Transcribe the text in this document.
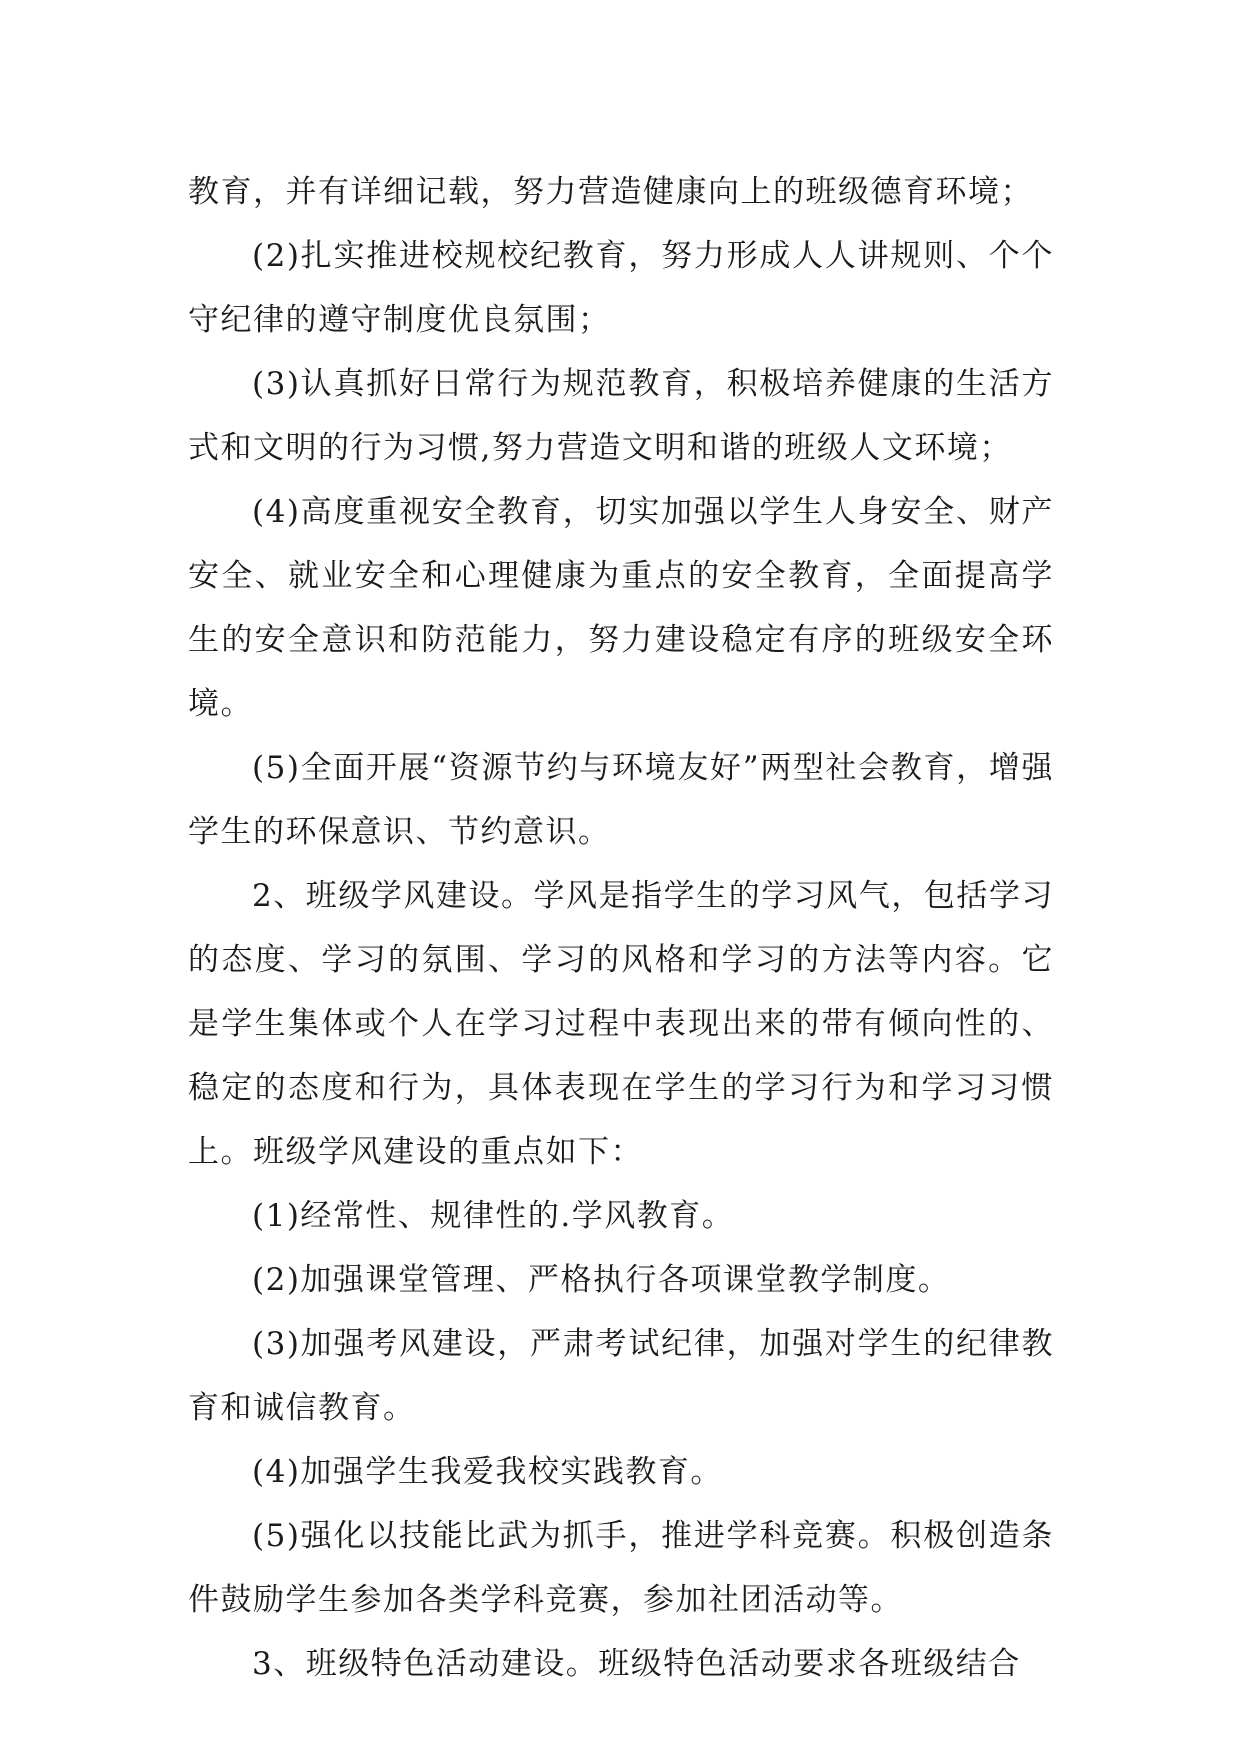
教育，并有详细记载，努力营造健康向上的班级德育环境；

(2)扎实推进校规校纪教育，努力形成人人讲规则、个个守纪律的遵守制度优良氛围；

(3)认真抓好日常行为规范教育，积极培养健康的生活方式和文明的行为习惯,努力营造文明和谐的班级人文环境；

(4)高度重视安全教育，切实加强以学生人身安全、财产安全、就业安全和心理健康为重点的安全教育，全面提高学生的安全意识和防范能力，努力建设稳定有序的班级安全环境。

(5)全面开展“资源节约与环境友好”两型社会教育，增强学生的环保意识、节约意识。

2、班级学风建设。学风是指学生的学习风气，包括学习的态度、学习的氛围、学习的风格和学习的方法等内容。它是学生集体或个人在学习过程中表现出来的带有倾向性的、稳定的态度和行为，具体表现在学生的学习行为和学习习惯上。班级学风建设的重点如下：

(1)经常性、规律性的.学风教育。

(2)加强课堂管理、严格执行各项课堂教学制度。

(3)加强考风建设，严肃考试纪律，加强对学生的纪律教育和诚信教育。

(4)加强学生我爱我校实践教育。

(5)强化以技能比武为抓手，推进学科竞赛。积极创造条件鼓励学生参加各类学科竞赛，参加社团活动等。

3、班级特色活动建设。班级特色活动要求各班级结合
